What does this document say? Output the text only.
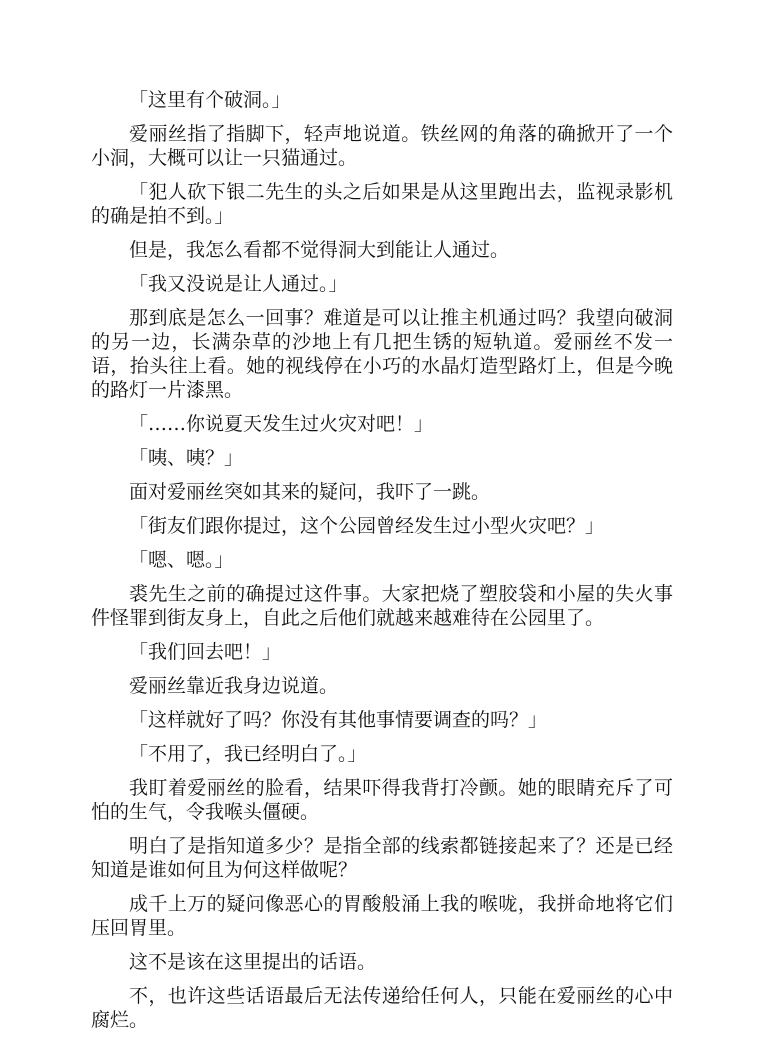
「这里有个破洞。」

爱丽丝指了指脚下，轻声地说道。铁丝网的角落的确掀开了一个小洞，大概可以让一只猫通过。

「犯人砍下银二先生的头之后如果是从这里跑出去，监视录影机的确是拍不到。」

但是，我怎么看都不觉得洞大到能让人通过。

「我又没说是让人通过。」

那到底是怎么一回事？难道是可以让推主机通过吗？我望向破洞的另一边，长满杂草的沙地上有几把生锈的短轨道。爱丽丝不发一语，抬头往上看。她的视线停在小巧的水晶灯造型路灯上，但是今晚的路灯一片漆黑。

「……你说夏天发生过火灾对吧！」

「咦、咦？」

面对爱丽丝突如其来的疑问，我吓了一跳。

「街友们跟你提过，这个公园曾经发生过小型火灾吧？」

「嗯、嗯。」

裘先生之前的确提过这件事。大家把烧了塑胶袋和小屋的失火事件怪罪到街友身上，自此之后他们就越来越难待在公园里了。

「我们回去吧！」

爱丽丝靠近我身边说道。

「这样就好了吗？你没有其他事情要调查的吗？」

「不用了，我已经明白了。」

我盯着爱丽丝的脸看，结果吓得我背打冷颤。她的眼睛充斥了可怕的生气，令我喉头僵硬。

明白了是指知道多少？是指全部的线索都链接起来了？还是已经知道是谁如何且为何这样做呢？

成千上万的疑问像恶心的胃酸般涌上我的喉咙，我拼命地将它们压回胃里。

这不是该在这里提出的话语。

不，也许这些话语最后无法传递给任何人，只能在爱丽丝的心中腐烂。
